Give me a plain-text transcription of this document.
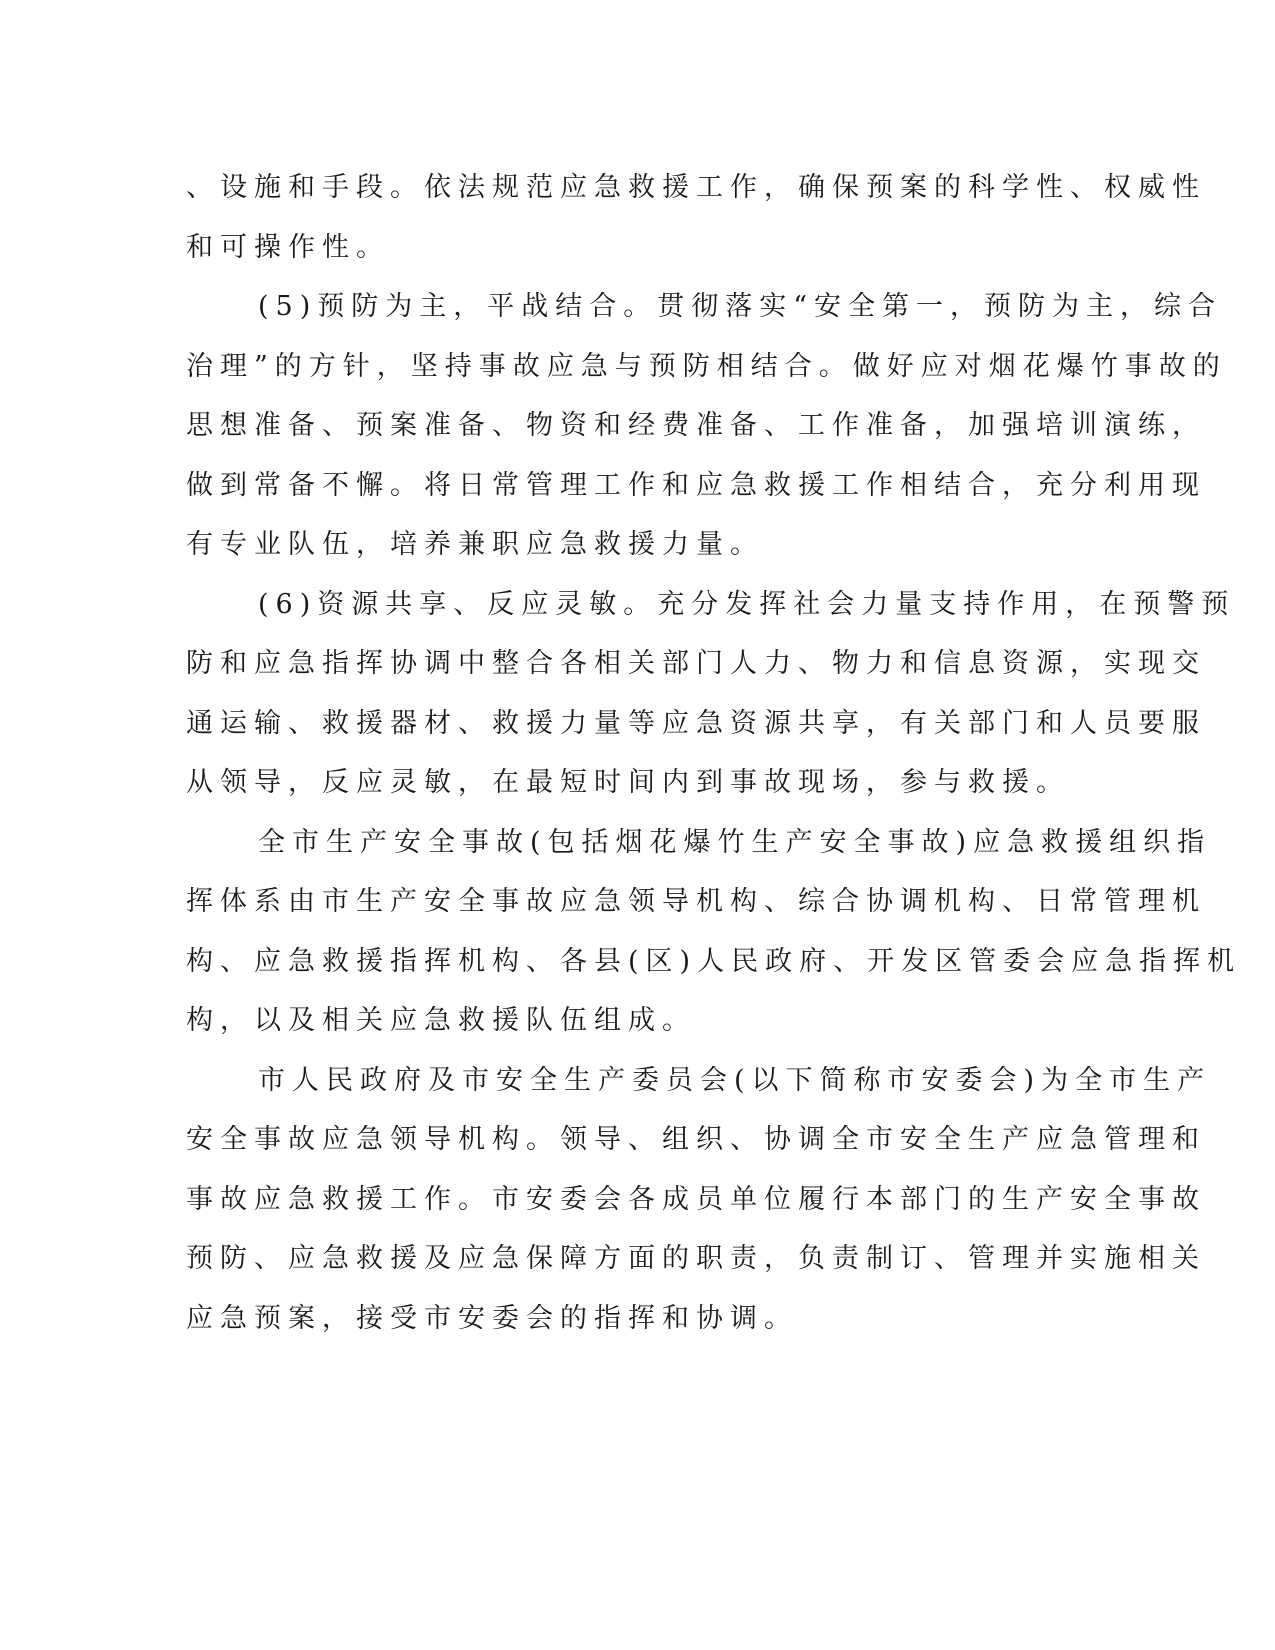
、设施和手段。依法规范应急救援工作，确保预案的科学性、权威性
和可操作性。
(5)预防为主，平战结合。贯彻落实“安全第一，预防为主，综合
治理”的方针，坚持事故应急与预防相结合。做好应对烟花爆竹事故的
思想准备、预案准备、物资和经费准备、工作准备，加强培训演练，
做到常备不懈。将日常管理工作和应急救援工作相结合，充分利用现
有专业队伍，培养兼职应急救援力量。
(6)资源共享、反应灵敏。充分发挥社会力量支持作用，在预警预
防和应急指挥协调中整合各相关部门人力、物力和信息资源，实现交
通运输、救援器材、救援力量等应急资源共享，有关部门和人员要服
从领导，反应灵敏，在最短时间内到事故现场，参与救援。
全市生产安全事故(包括烟花爆竹生产安全事故)应急救援组织指
挥体系由市生产安全事故应急领导机构、综合协调机构、日常管理机
构、应急救援指挥机构、各县(区)人民政府、开发区管委会应急指挥机
构，以及相关应急救援队伍组成。
市人民政府及市安全生产委员会(以下简称市安委会)为全市生产
安全事故应急领导机构。领导、组织、协调全市安全生产应急管理和
事故应急救援工作。市安委会各成员单位履行本部门的生产安全事故
预防、应急救援及应急保障方面的职责，负责制订、管理并实施相关
应急预案，接受市安委会的指挥和协调。
